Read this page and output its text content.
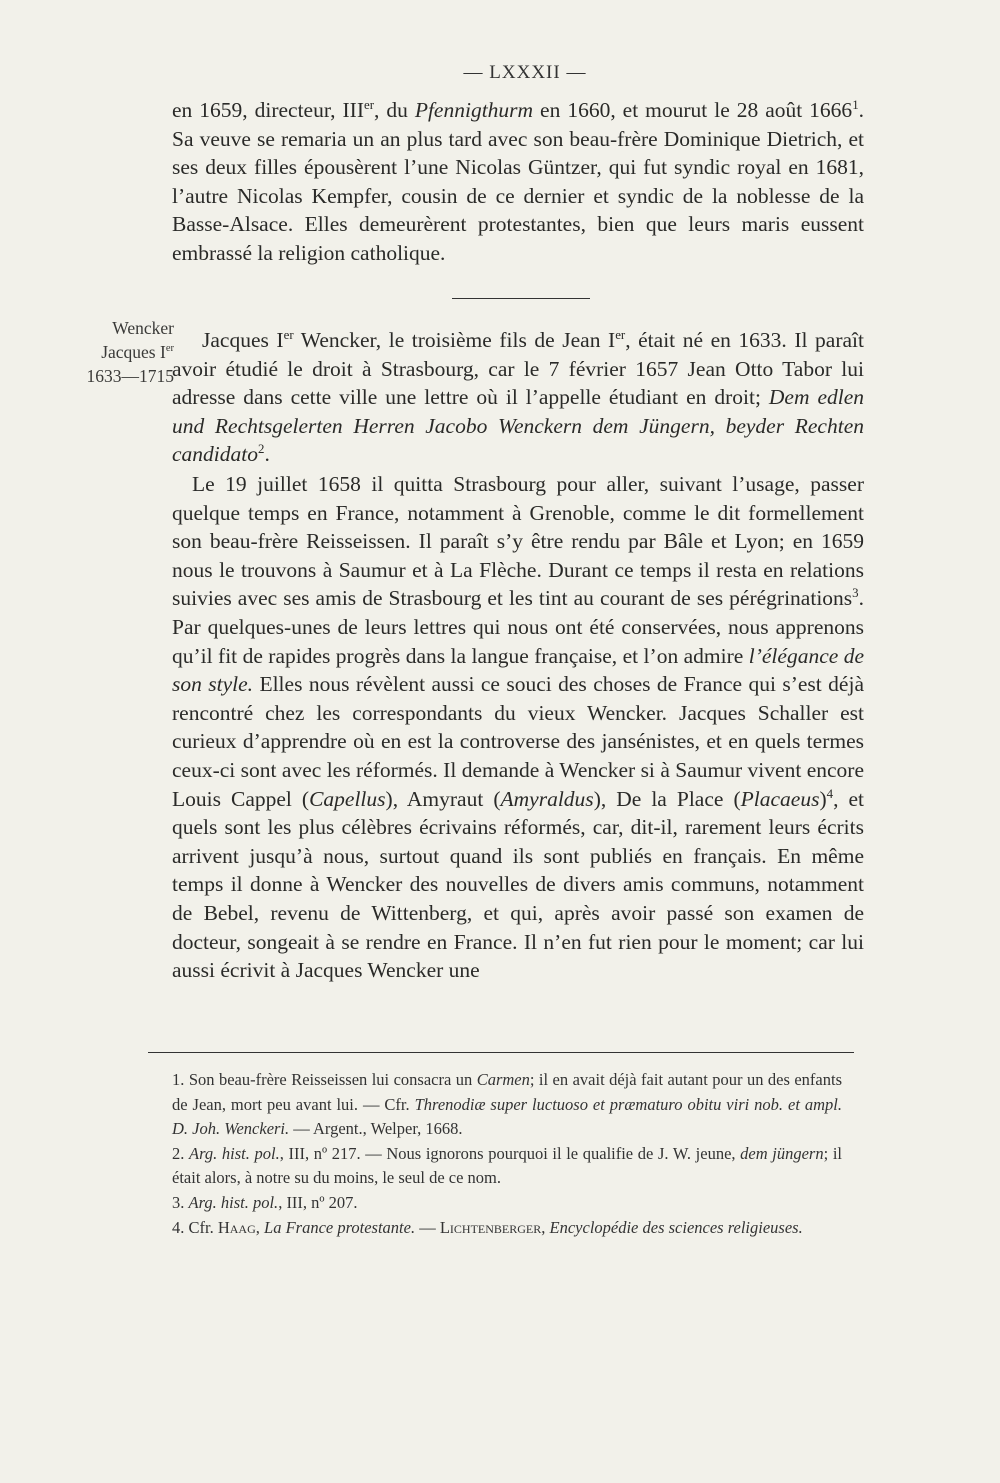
— LXXXII —
Wencker
Jacques Ier
1633—1715

en 1659, directeur, IIIer, du Pfennigthurm en 1660, et mourut le 28 août 1666$^1$. Sa veuve se remaria un an plus tard avec son beau-frère Dominique Dietrich, et ses deux filles épousèrent l’une Nicolas Güntzer, qui fut syndic royal en 1681, l’autre Nicolas Kempfer, cousin de ce dernier et syndic de la noblesse de la Basse-Alsace. Elles demeurèrent protestantes, bien que leurs maris eussent embrassé la religion catholique.

Jacques Ier Wencker, le troisième fils de Jean Ier, était né en 1633. Il paraît avoir étudié le droit à Strasbourg, car le 7 février 1657 Jean Otto Tabor lui adresse dans cette ville une lettre où il l’appelle étudiant en droit; Dem edlen und Rechtsgelerten Herren Jacobo Wenckern dem Jüngern, beyder Rechten candidato$^2$.

Le 19 juillet 1658 il quitta Strasbourg pour aller, suivant l’usage, passer quelque temps en France, notamment à Grenoble, comme le dit formellement son beau-frère Reisseissen. Il paraît s’y être rendu par Bâle et Lyon; en 1659 nous le trouvons à Saumur et à La Flèche. Durant ce temps il resta en relations suivies avec ses amis de Strasbourg et les tint au courant de ses pérégrinations$^3$. Par quelques-unes de leurs lettres qui nous ont été conservées, nous apprenons qu’il fit de rapides progrès dans la langue française, et l’on admire l’élégance de son style. Elles nous révèlent aussi ce souci des choses de France qui s’est déjà rencontré chez les correspondants du vieux Wencker. Jacques Schaller est curieux d’apprendre où en est la controverse des jansénistes, et en quels termes ceux-ci sont avec les réformés. Il demande à Wencker si à Saumur vivent encore Louis Cappel (Capellus), Amyraut (Amyraldus), De la Place (Placaeus)$^4$, et quels sont les plus célèbres écrivains réformés, car, dit-il, rarement leurs écrits arrivent jusqu’à nous, surtout quand ils sont publiés en français. En même temps il donne à Wencker des nouvelles de divers amis communs, notamment de Bebel, revenu de Wittenberg, et qui, après avoir passé son examen de docteur, songeait à se rendre en France. Il n’en fut rien pour le moment; car lui aussi écrivit à Jacques Wencker une

1. Son beau-frère Reisseissen lui consacra un Carmen; il en avait déjà fait autant pour un des enfants de Jean, mort peu avant lui. — Cfr. Threnodiæ super luctuoso et præmaturo obitu viri nob. et ampl. D. Joh. Wenckeri. — Argent., Welper, 1668.

2. Arg. hist. pol., III, nº 217. — Nous ignorons pourquoi il le qualifie de J. W. jeune, dem jüngern; il était alors, à notre su du moins, le seul de ce nom.

3. Arg. hist. pol., III, nº 207.

4. Cfr. Haag, La France protestante. — Lichtenberger, Encyclopédie des sciences religieuses.
